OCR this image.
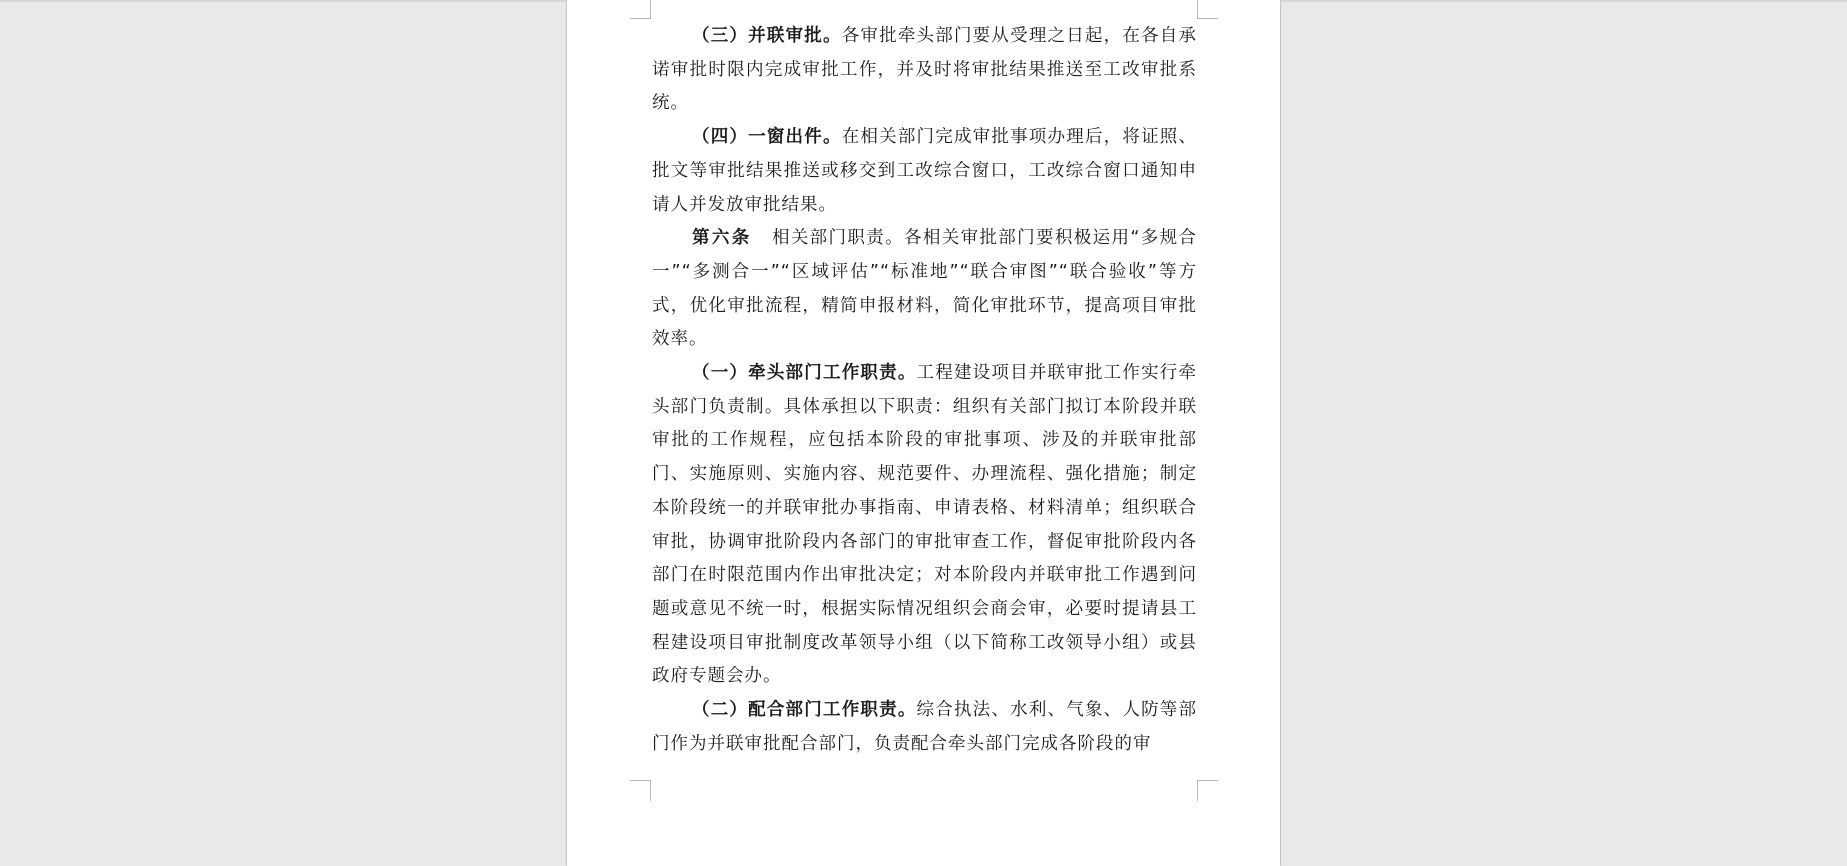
（三）并联审批。各审批牵头部门要从受理之日起，在各自承诺审批时限内完成审批工作，并及时将审批结果推送至工改审批系统。

（四）一窗出件。在相关部门完成审批事项办理后，将证照、批文等审批结果推送或移交到工改综合窗口，工改综合窗口通知申请人并发放审批结果。

第六条 相关部门职责。各相关审批部门要积极运用“多规合一”“多测合一”“区域评估”“标准地”“联合审图”“联合验收”等方式，优化审批流程，精简申报材料，简化审批环节，提高项目审批效率。

（一）牵头部门工作职责。工程建设项目并联审批工作实行牵头部门负责制。具体承担以下职责：组织有关部门拟订本阶段并联审批的工作规程，应包括本阶段的审批事项、涉及的并联审批部门、实施原则、实施内容、规范要件、办理流程、强化措施；制定本阶段统一的并联审批办事指南、申请表格、材料清单；组织联合审批，协调审批阶段内各部门的审批审查工作，督促审批阶段内各部门在时限范围内作出审批决定；对本阶段内并联审批工作遇到问题或意见不统一时，根据实际情况组织会商会审，必要时提请县工程建设项目审批制度改革领导小组（以下简称工改领导小组）或县政府专题会办。

（二）配合部门工作职责。综合执法、水利、气象、人防等部门作为并联审批配合部门，负责配合牵头部门完成各阶段的审
